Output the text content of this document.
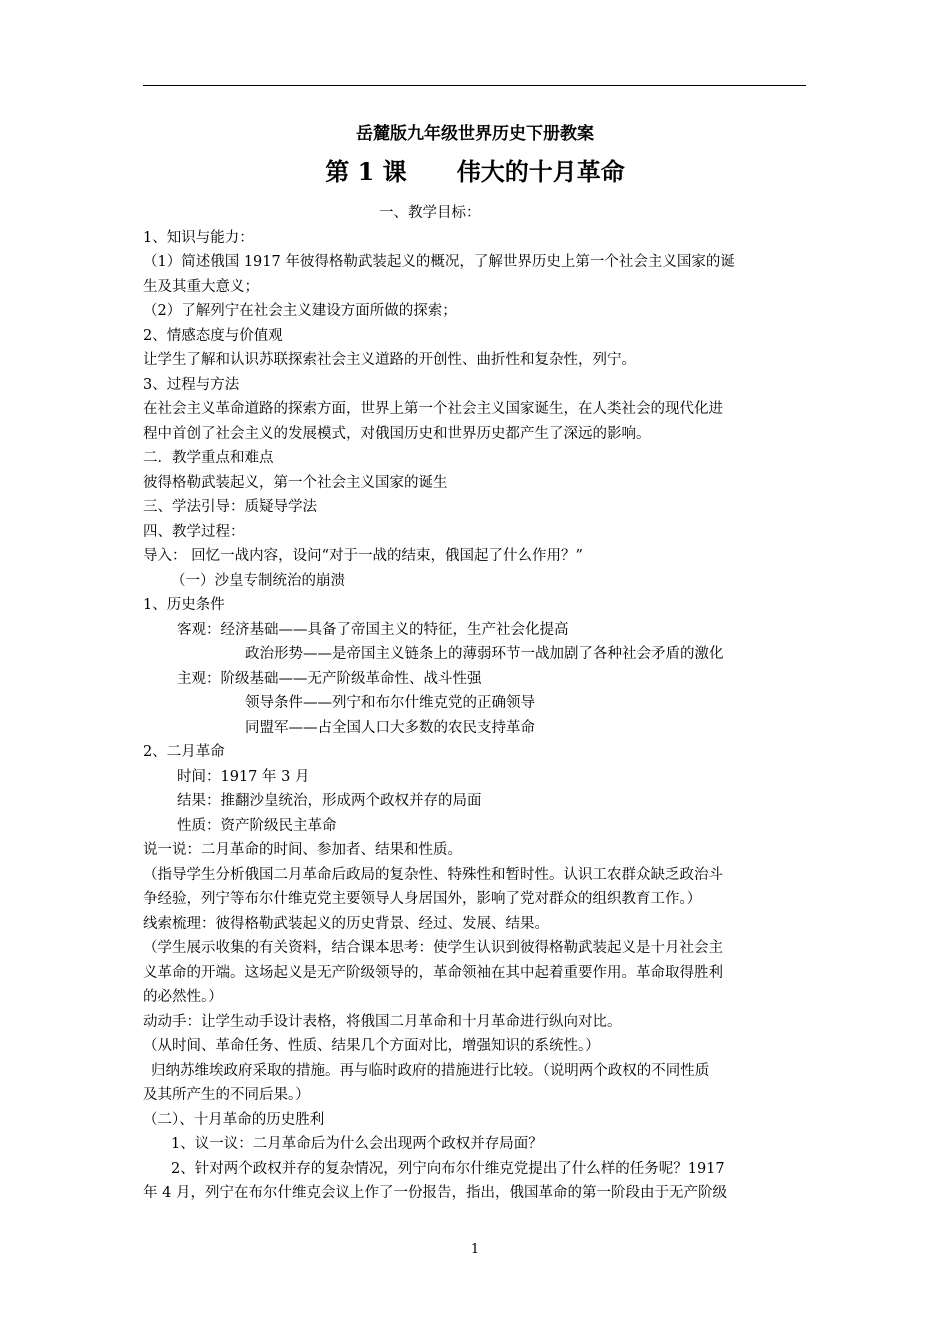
岳麓版九年级世界历史下册教案
第 1 课      伟大的十月革命
一、教学目标：
1、知识与能力：
（1）简述俄国 1917 年彼得格勒武装起义的概况，了解世界历史上第一个社会主义国家的诞
生及其重大意义；
（2）了解列宁在社会主义建设方面所做的探索；
2、情感态度与价值观
让学生了解和认识苏联探索社会主义道路的开创性、曲折性和复杂性，列宁。
3、过程与方法
在社会主义革命道路的探索方面，世界上第一个社会主义国家诞生，在人类社会的现代化进
程中首创了社会主义的发展模式，对俄国历史和世界历史都产生了深远的影响。
二．教学重点和难点
彼得格勒武装起义，第一个社会主义国家的诞生
三、学法引导：质疑导学法
四、教学过程：
导入： 回忆一战内容，设问“对于一战的结束，俄国起了什么作用？”
（一）沙皇专制统治的崩溃
1、历史条件
客观：经济基础——具备了帝国主义的特征，生产社会化提高
政治形势——是帝国主义链条上的薄弱环节一战加剧了各种社会矛盾的激化
主观：阶级基础——无产阶级革命性、战斗性强
领导条件——列宁和布尔什维克党的正确领导
同盟军——占全国人口大多数的农民支持革命
2、二月革命
时间：1917 年 3 月
结果：推翻沙皇统治，形成两个政权并存的局面
性质：资产阶级民主革命
说一说：二月革命的时间、参加者、结果和性质。
（指导学生分析俄国二月革命后政局的复杂性、特殊性和暂时性。认识工农群众缺乏政治斗
争经验，列宁等布尔什维克党主要领导人身居国外，影响了党对群众的组织教育工作。）
线索梳理：彼得格勒武装起义的历史背景、经过、发展、结果。
（学生展示收集的有关资料，结合课本思考：使学生认识到彼得格勒武装起义是十月社会主
义革命的开端。这场起义是无产阶级领导的，革命领袖在其中起着重要作用。革命取得胜利
的必然性。）
动动手：让学生动手设计表格，将俄国二月革命和十月革命进行纵向对比。
（从时间、革命任务、性质、结果几个方面对比，增强知识的系统性。）
归纳苏维埃政府采取的措施。再与临时政府的措施进行比较。（说明两个政权的不同性质
及其所产生的不同后果。）
（二）、十月革命的历史胜利
1、议一议：二月革命后为什么会出现两个政权并存局面？
2、针对两个政权并存的复杂情况，列宁向布尔什维克党提出了什么样的任务呢？1917
年 4 月，列宁在布尔什维克会议上作了一份报告，指出，俄国革命的第一阶段由于无产阶级
1
